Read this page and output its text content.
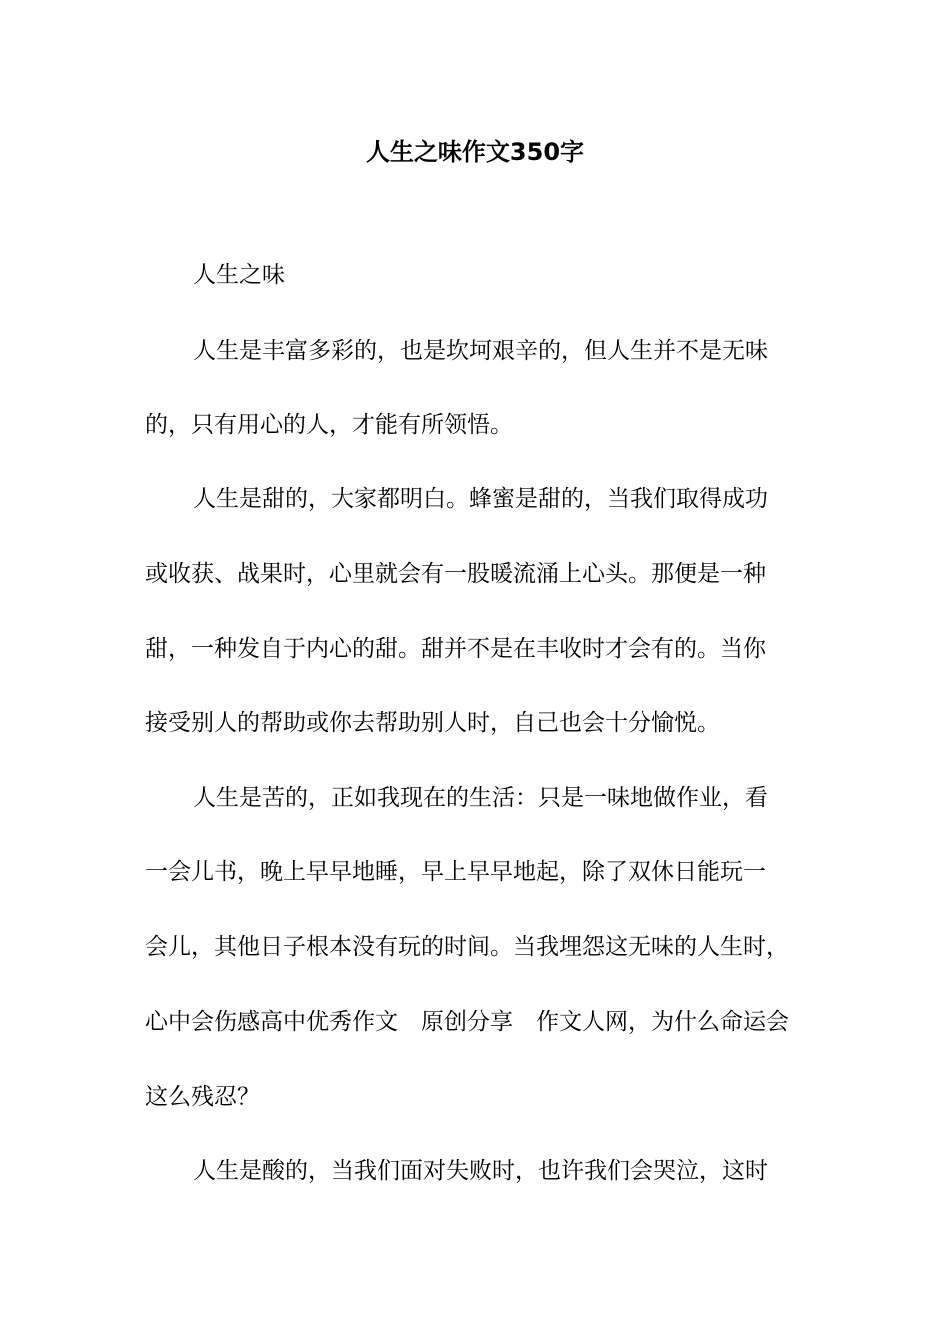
人生之味作文350字
人生之味
人生是丰富多彩的，也是坎坷艰辛的，但人生并不是无味
的，只有用心的人，才能有所领悟。
人生是甜的，大家都明白。蜂蜜是甜的，当我们取得成功
或收获、战果时，心里就会有一股暖流涌上心头。那便是一种
甜，一种发自于内心的甜。甜并不是在丰收时才会有的。当你
接受别人的帮助或你去帮助别人时，自己也会十分愉悦。
人生是苦的，正如我现在的生活：只是一味地做作业，看
一会儿书，晚上早早地睡，早上早早地起，除了双休日能玩一
会儿，其他日子根本没有玩的时间。当我埋怨这无味的人生时，
心中会伤感高中优秀作文　原创分享　作文人网，为什么命运会
这么残忍？
人生是酸的，当我们面对失败时，也许我们会哭泣，这时
